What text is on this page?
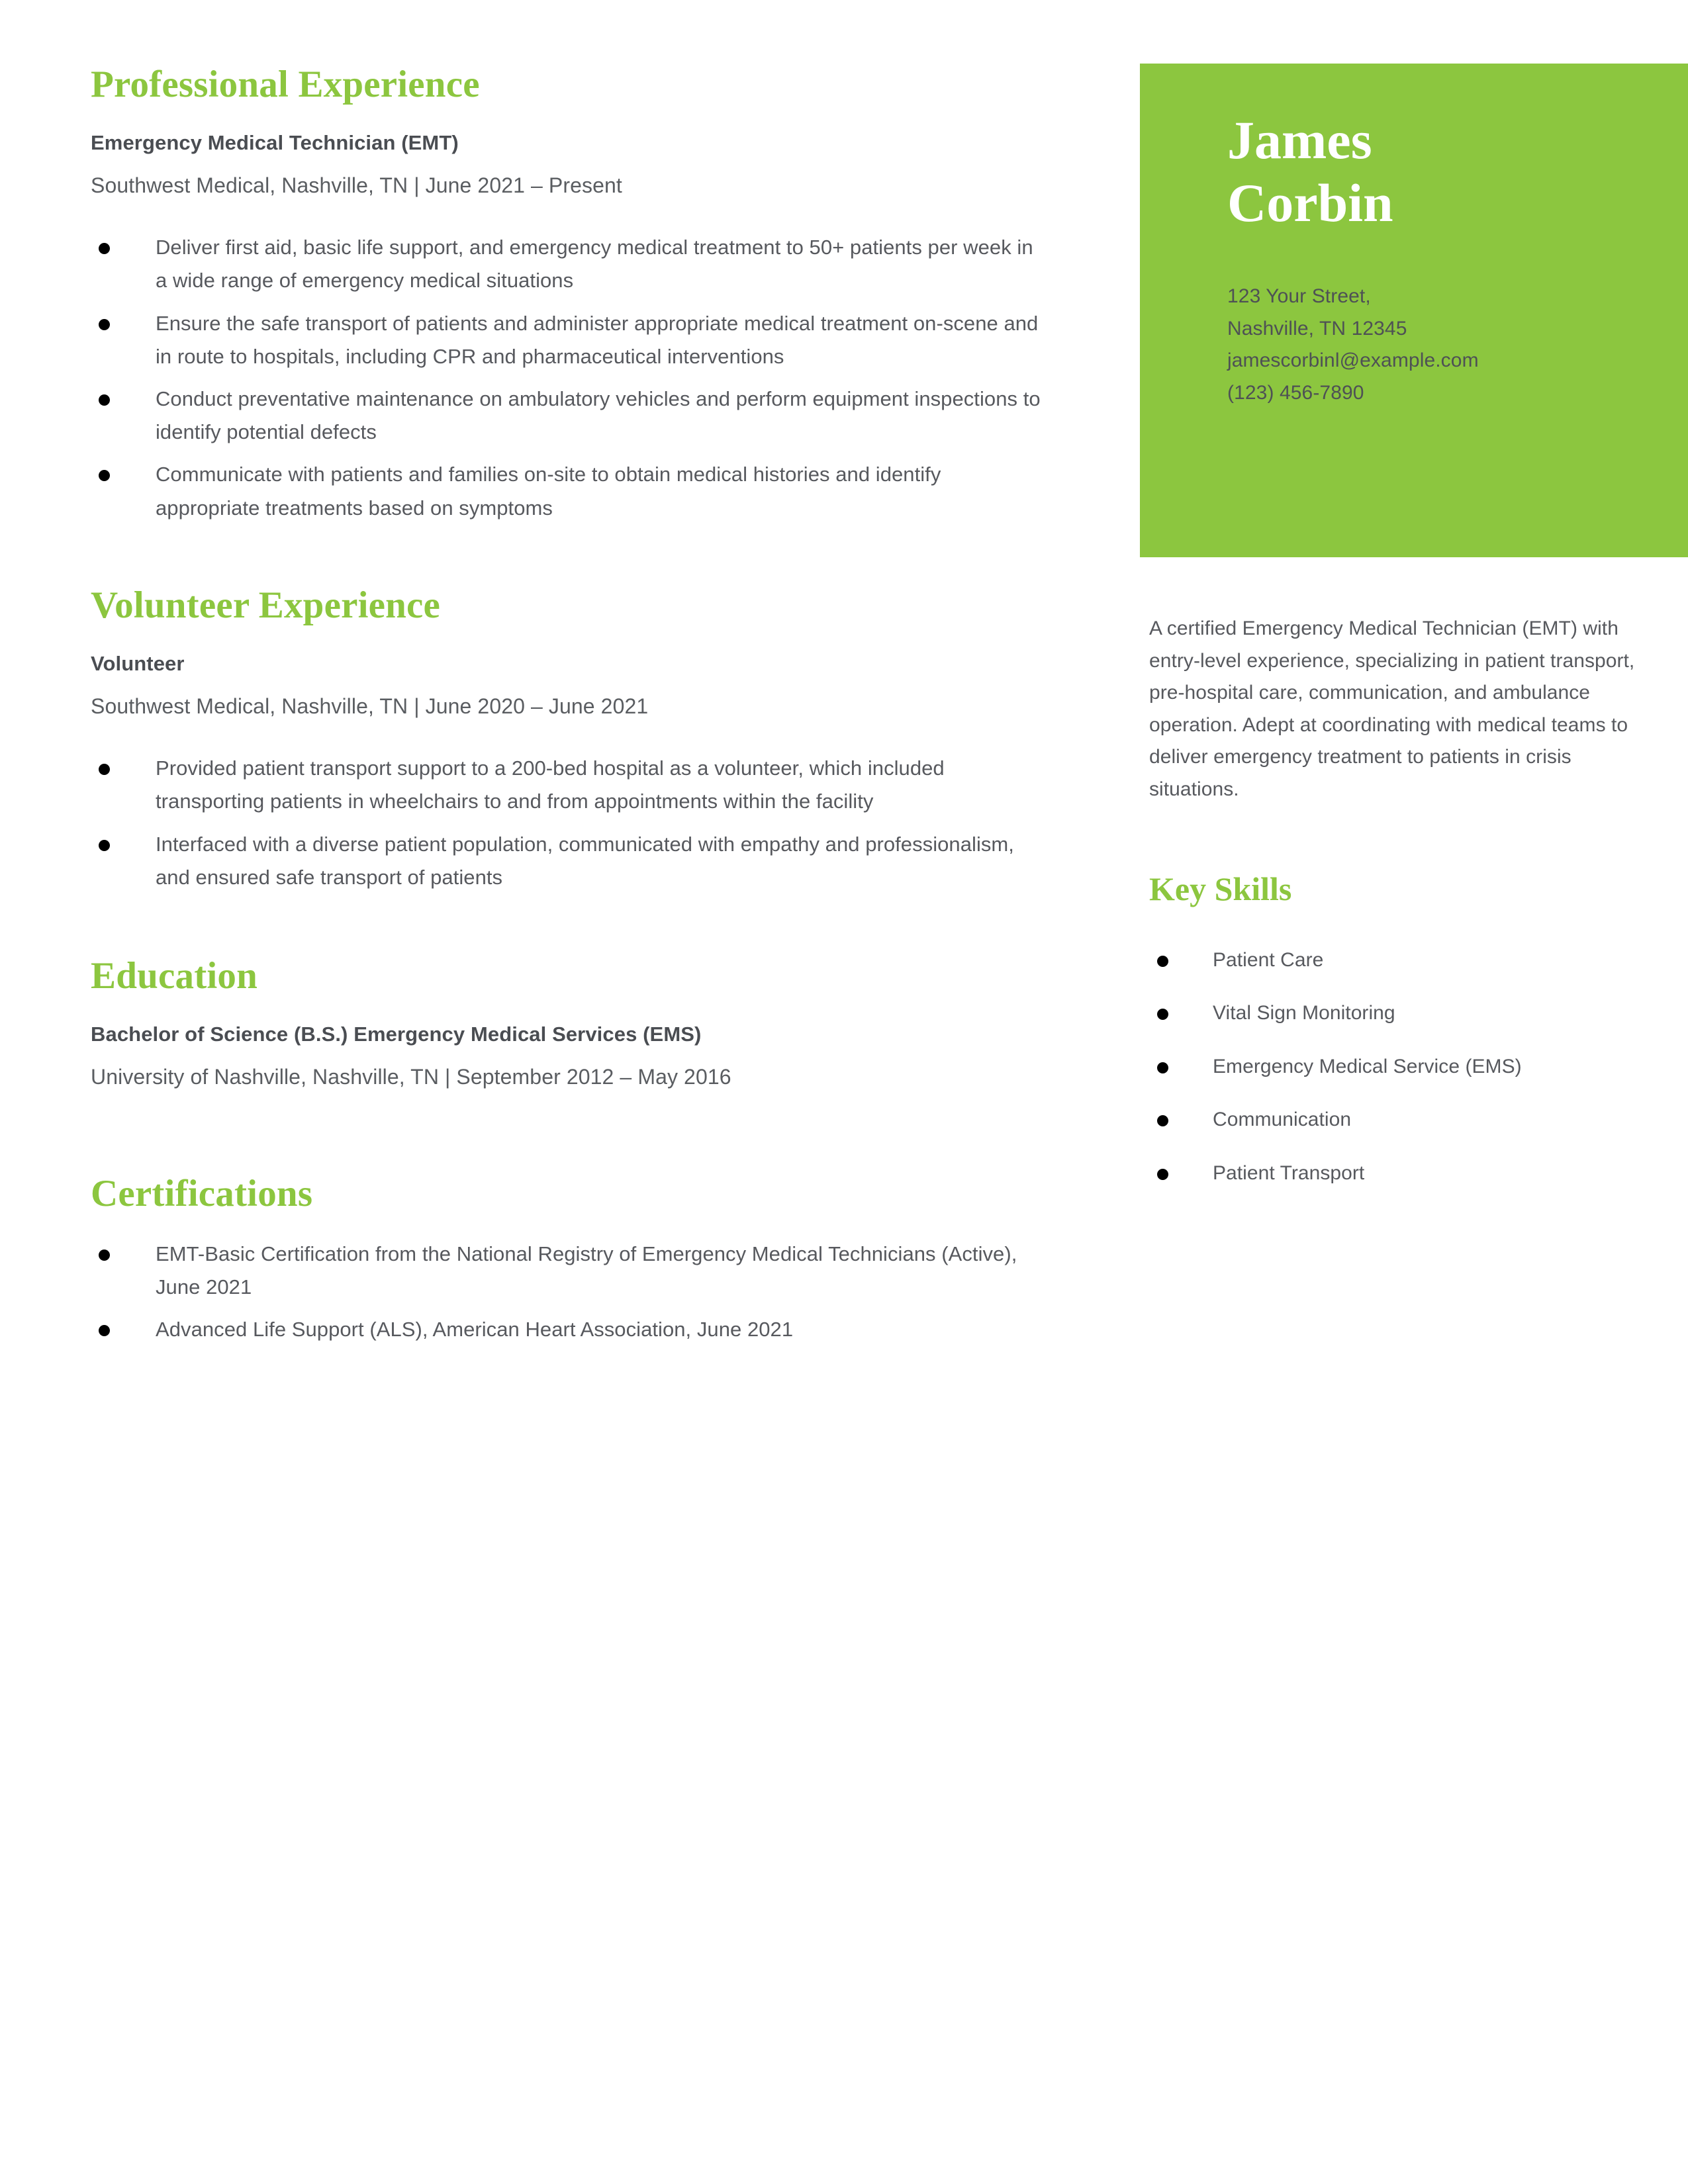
Professional Experience
Emergency Medical Technician (EMT)
Southwest Medical, Nashville, TN | June 2021 – Present
Deliver first aid, basic life support, and emergency medical treatment to 50+ patients per week in a wide range of emergency medical situations
Ensure the safe transport of patients and administer appropriate medical treatment on-scene and in route to hospitals, including CPR and pharmaceutical interventions
Conduct preventative maintenance on ambulatory vehicles and perform equipment inspections to identify potential defects
Communicate with patients and families on-site to obtain medical histories and identify appropriate treatments based on symptoms
Volunteer Experience
Volunteer
Southwest Medical, Nashville, TN | June 2020 – June 2021
Provided patient transport support to a 200-bed hospital as a volunteer, which included transporting patients in wheelchairs to and from appointments within the facility
Interfaced with a diverse patient population, communicated with empathy and professionalism, and ensured safe transport of patients
Education
Bachelor of Science (B.S.) Emergency Medical Services (EMS)
University of Nashville, Nashville, TN | September 2012 – May 2016
Certifications
EMT-Basic Certification from the National Registry of Emergency Medical Technicians (Active), June 2021
Advanced Life Support (ALS), American Heart Association, June 2021
James
Corbin
123 Your Street,
Nashville, TN 12345
jamescorbinl@example.com
(123) 456-7890

A certified Emergency Medical Technician (EMT) with entry-level experience, specializing in patient transport, pre-hospital care, communication, and ambulance operation. Adept at coordinating with medical teams to deliver emergency treatment to patients in crisis situations.

Key Skills
Patient Care
Vital Sign Monitoring
Emergency Medical Service (EMS)
Communication
Patient Transport
